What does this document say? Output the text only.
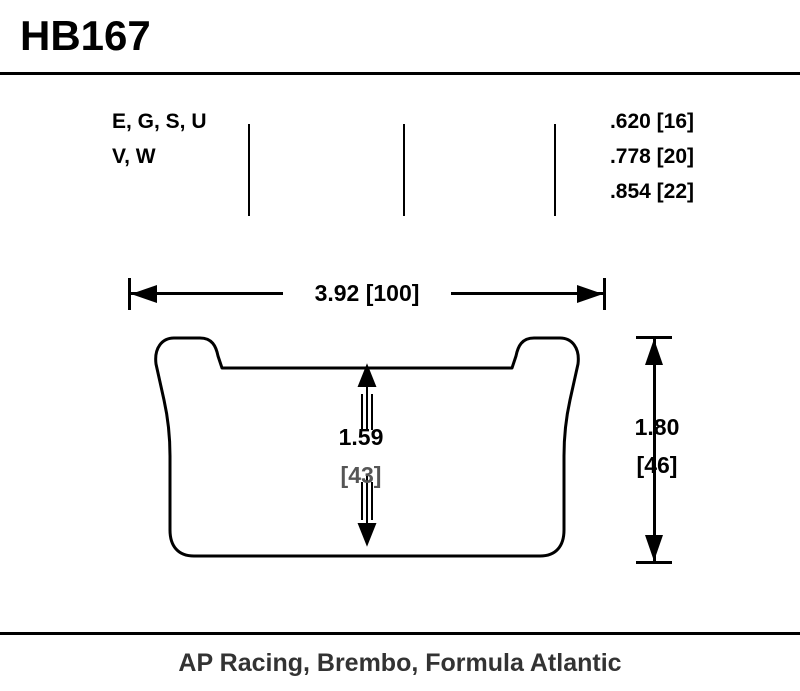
HB167
E, G, S, U
V, W
.620 [16]
.778 [20]
.854 [22]
3.92 [100]
1.59
[43]
1.80
[46]
AP Racing, Brembo, Formula Atlantic
